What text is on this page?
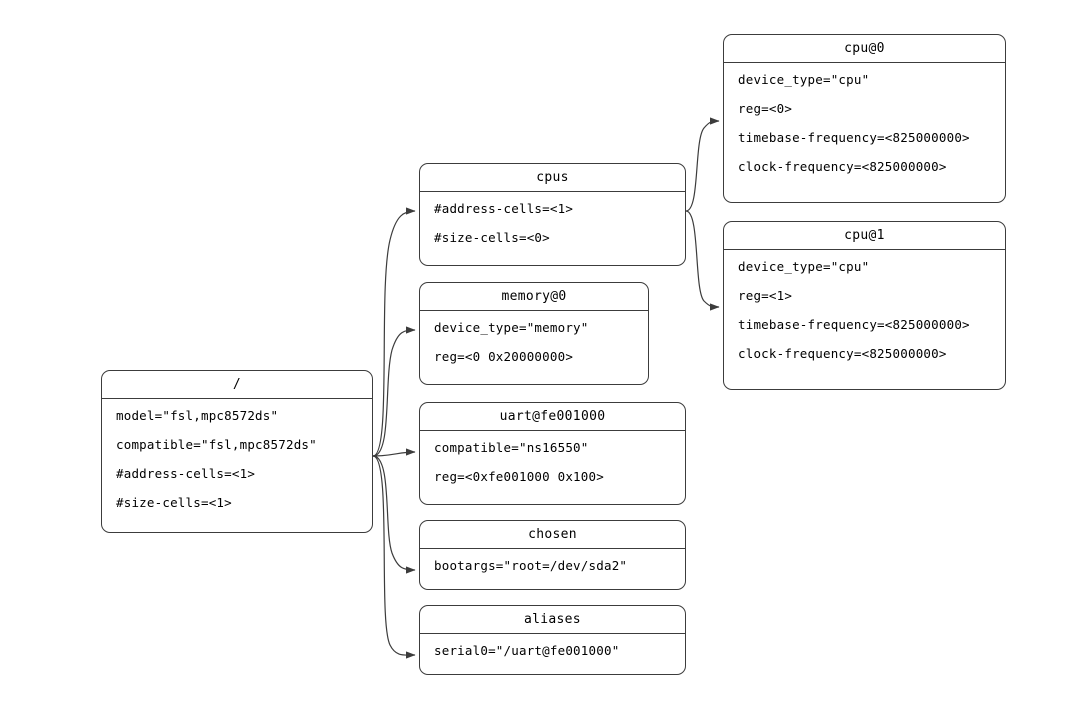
/
model="fsl,mpc8572ds"
compatible="fsl,mpc8572ds"
#address-cells=<1>
#size-cells=<1>
cpus
#address-cells=<1>
#size-cells=<0>
memory@0
device_type="memory"
reg=<0 0x20000000>
uart@fe001000
compatible="ns16550"
reg=<0xfe001000 0x100>
chosen
bootargs="root=/dev/sda2"
aliases
serial0="/uart@fe001000"
cpu@0
device_type="cpu"
reg=<0>
timebase-frequency=<825000000>
clock-frequency=<825000000>
cpu@1
device_type="cpu"
reg=<1>
timebase-frequency=<825000000>
clock-frequency=<825000000>
